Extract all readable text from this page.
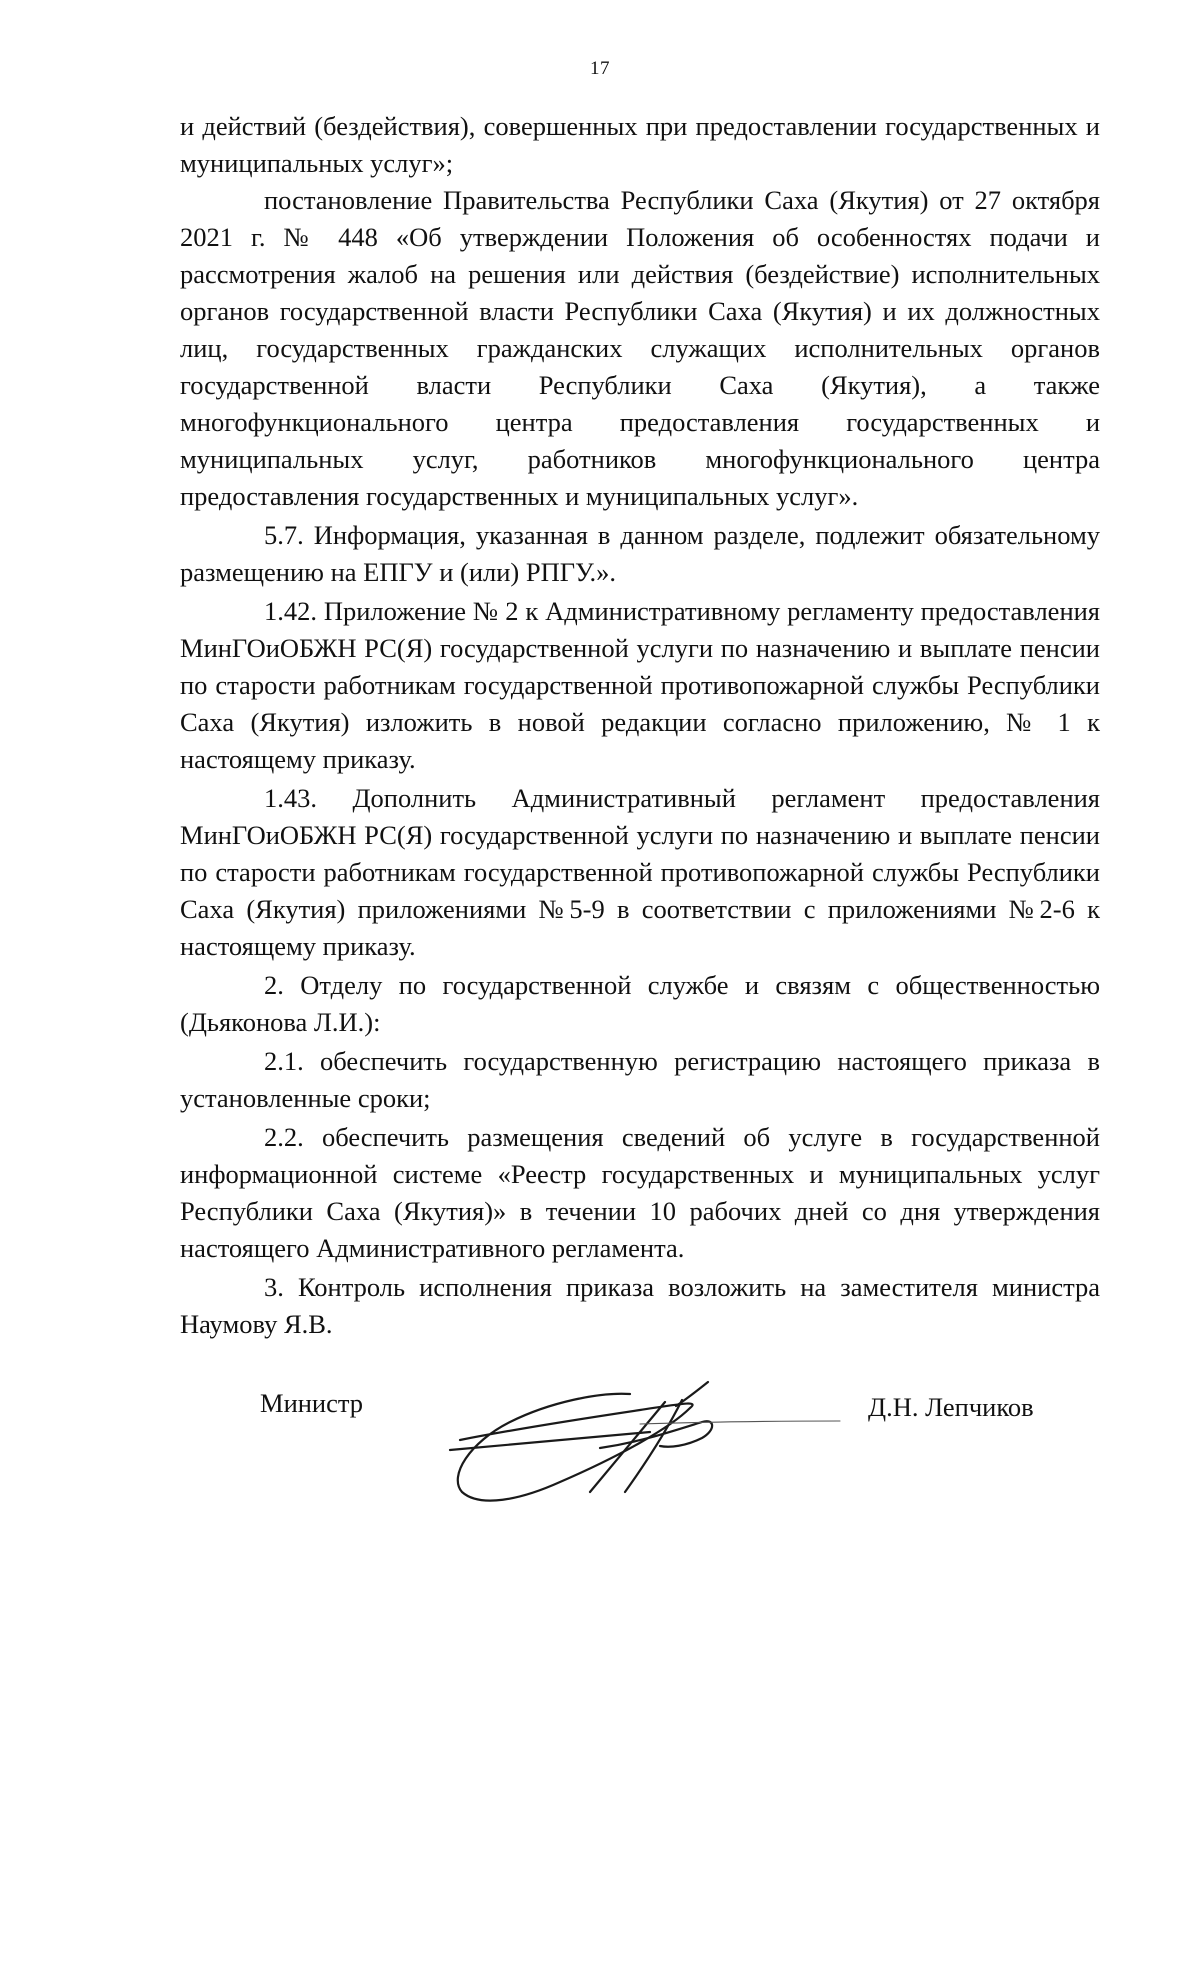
17

и действий (бездействия), совершенных при предоставлении государственных и муниципальных услуг»;

постановление Правительства Республики Саха (Якутия) от 27 октября 2021 г. № 448 «Об утверждении Положения об особенностях подачи и рассмотрения жалоб на решения или действия (бездействие) исполнительных органов государственной власти Республики Саха (Якутия) и их должностных лиц, государственных гражданских служащих исполнительных органов государственной власти Республики Саха (Якутия), а также многофункционального центра предоставления государственных и муниципальных услуг, работников многофункционального центра предоставления государственных и муниципальных услуг».

5.7. Информация, указанная в данном разделе, подлежит обязательному размещению на ЕПГУ и (или) РПГУ.».

1.42. Приложение № 2 к Административному регламенту предоставления МинГОиОБЖН РС(Я) государственной услуги по назначению и выплате пенсии по старости работникам государственной противопожарной службы Республики Саха (Якутия) изложить в новой редакции согласно приложению, № 1 к настоящему приказу.

1.43. Дополнить Административный регламент предоставления МинГОиОБЖН РС(Я) государственной услуги по назначению и выплате пенсии по старости работникам государственной противопожарной службы Республики Саха (Якутия) приложениями №5-9 в соответствии с приложениями №2-6 к настоящему приказу.

2. Отделу по государственной службе и связям с общественностью (Дьяконова Л.И.):

2.1. обеспечить государственную регистрацию настоящего приказа в установленные сроки;

2.2. обеспечить размещения сведений об услуге в государственной информационной системе «Реестр государственных и муниципальных услуг Республики Саха (Якутия)» в течении 10 рабочих дней со дня утверждения настоящего Административного регламента.

3. Контроль исполнения приказа возложить на заместителя министра Наумову Я.В.

Министр	Д.Н. Лепчиков
